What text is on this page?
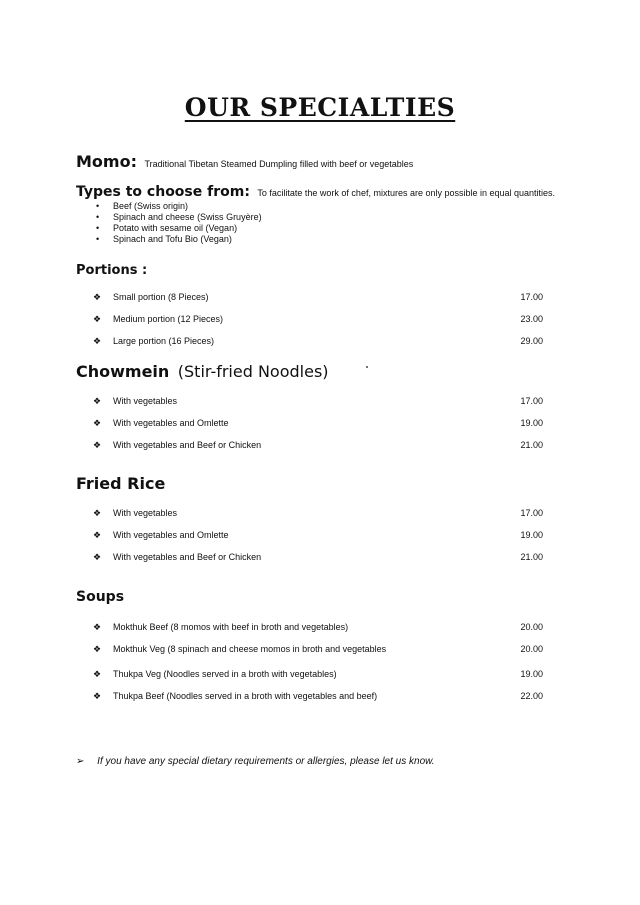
OUR SPECIALTIES
Momo: Traditional Tibetan Steamed Dumpling filled with beef or vegetables
Types to choose from: To facilitate the work of chef, mixtures are only possible in equal quantities.
• Beef (Swiss origin)
• Spinach and cheese (Swiss Gruyère)
• Potato with sesame oil (Vegan)
• Spinach and Tofu Bio (Vegan)
Portions :
❖ Small portion (8 Pieces)	17.00
❖ Medium portion (12 Pieces)	23.00
❖ Large portion (16 Pieces)	29.00
Chowmein (Stir-fried Noodles)
❖ With vegetables	17.00
❖ With vegetables and Omlette	19.00
❖ With vegetables and Beef or Chicken	21.00
Fried Rice
❖ With vegetables	17.00
❖ With vegetables and Omlette	19.00
❖ With vegetables and Beef or Chicken	21.00
Soups
❖ Mokthuk Beef (8 momos with beef in broth and vegetables)	20.00
❖ Mokthuk Veg (8 spinach and cheese momos in broth and vegetables	20.00
❖ Thukpa Veg (Noodles served in a broth with vegetables)	19.00
❖ Thukpa Beef (Noodles served in a broth with vegetables and beef)	22.00
➢ If you have any special dietary requirements or allergies, please let us know.
